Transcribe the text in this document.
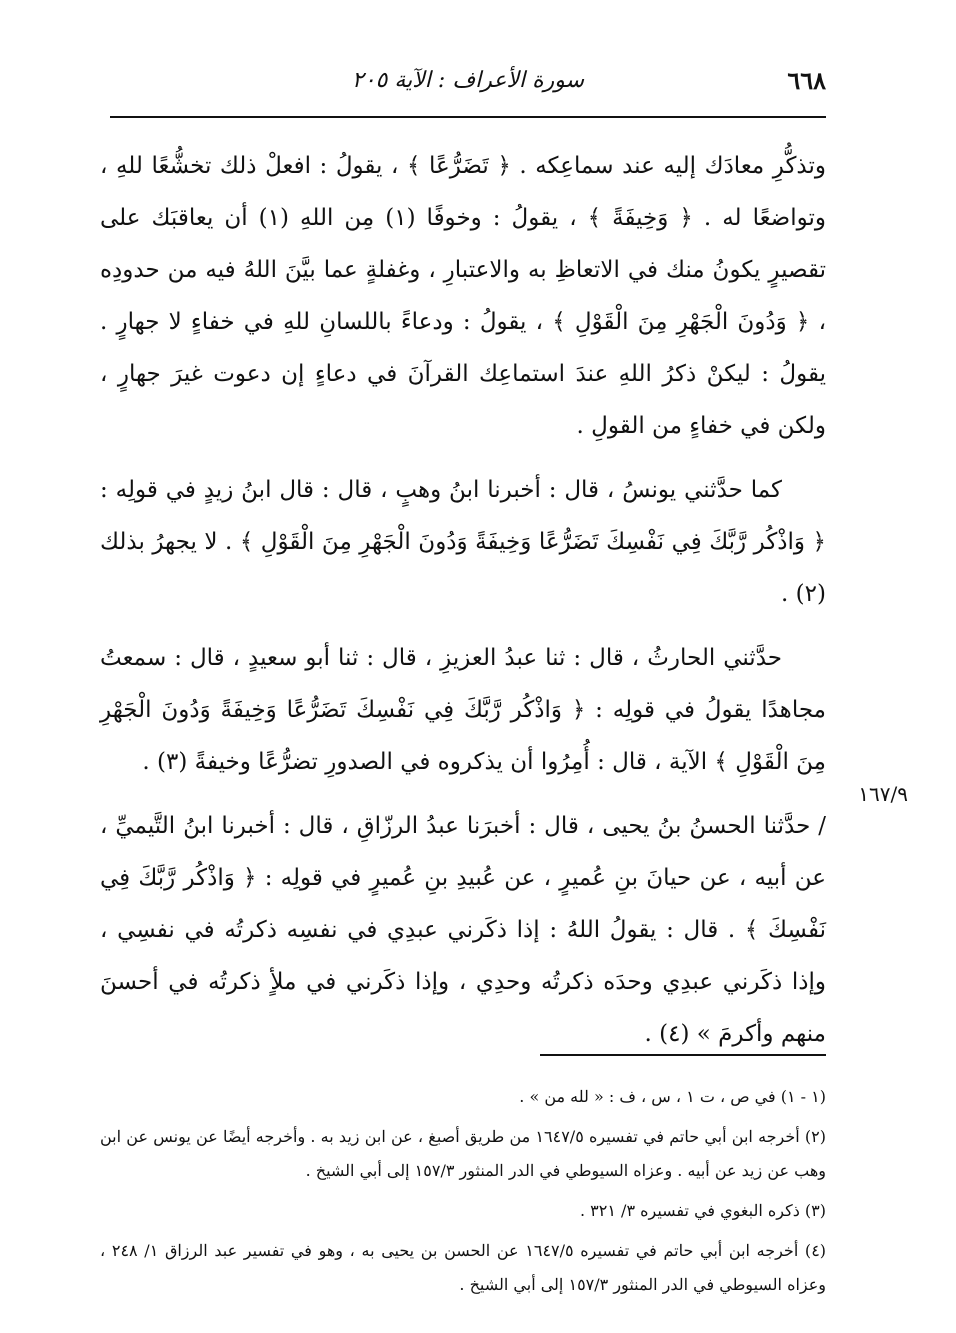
٦٦٨
سورة الأعراف : الآية ٢٠٥
١٦٧/٩

وتذكُّرِ معادَك إليه عند سماعِكه . ﴿ تَضَرُّعًا ﴾ ، يقولُ : افعلْ ذلك تخشُّعًا للهِ ، وتواضعًا له . ﴿ وَخِيفَةً ﴾ ، يقولُ : وخوفًا (١) مِن اللهِ (١) أن يعاقبَك على تقصيرٍ يكونُ منك في الاتعاظِ به والاعتبارِ ، وغفلةٍ عما بيَّنَ اللهُ فيه من حدودِه ، ﴿ وَدُونَ الْجَهْرِ مِنَ الْقَوْلِ ﴾ ، يقولُ : ودعاءً باللسانِ للهِ في خفاءٍ لا جهارٍ . يقولُ : ليكنْ ذكرُ اللهِ عندَ استماعِك القرآنَ في دعاءٍ إن دعوت غيرَ جهارٍ ، ولكن في خفاءٍ من القولِ .

كما حدَّثني يونسُ ، قال : أخبرنا ابنُ وهبٍ ، قال : قال ابنُ زيدٍ في قولِه : ﴿ وَاذْكُر رَّبَّكَ فِي نَفْسِكَ تَضَرُّعًا وَخِيفَةً وَدُونَ الْجَهْرِ مِنَ الْقَوْلِ ﴾ . لا يجهرُ بذلك (٢) .

حدَّثني الحارثُ ، قال : ثنا عبدُ العزيزِ ، قال : ثنا أبو سعيدٍ ، قال : سمعتُ مجاهدًا يقولُ في قولِه : ﴿ وَاذْكُر رَّبَّكَ فِي نَفْسِكَ تَضَرُّعًا وَخِيفَةً وَدُونَ الْجَهْرِ مِنَ الْقَوْلِ ﴾ الآية ، قال : أُمِرُوا أن يذكروه في الصدورِ تضرُّعًا وخيفةً (٣) .

/ حدَّثنا الحسنُ بنُ يحيى ، قال : أخبرَنا عبدُ الرزّاقِ ، قال : أخبرنا ابنُ التَّيميِّ ، عن أبيه ، عن حيانَ بنِ عُميرٍ ، عن عُبيدِ بنِ عُميرٍ في قولِه : ﴿ وَاذْكُر رَّبَّكَ فِي نَفْسِكَ ﴾ . قال : يقولُ اللهُ : إذا ذكَرني عبدِي في نفسِه ذكرتُه في نفسِي ، وإذا ذكَرني عبدِي وحدَه ذكرتُه وحدِي ، وإذا ذكَرني في ملأٍ ذكرتُه في أحسنَ منهم وأكرمَ » (٤) .

(١ - ١) في ص ، ت ١ ، س ، ف : « لله من » .

(٢) أخرجه ابن أبي حاتم في تفسيره ١٦٤٧/٥ من طريق أصبغ ، عن ابن زيد به . وأخرجه أيضًا عن يونس عن ابن وهب عن زيد عن أبيه . وعزاه السيوطي في الدر المنثور ١٥٧/٣ إلى أبي الشيخ .

(٣) ذكره البغوي في تفسيره ٣/ ٣٢١ .

(٤) أخرجه ابن أبي حاتم في تفسيره ١٦٤٧/٥ عن الحسن بن يحيى به ، وهو في تفسير عبد الرزاق ١/ ٢٤٨ ، وعزاه السيوطي في الدر المنثور ١٥٧/٣ إلى أبي الشيخ .
